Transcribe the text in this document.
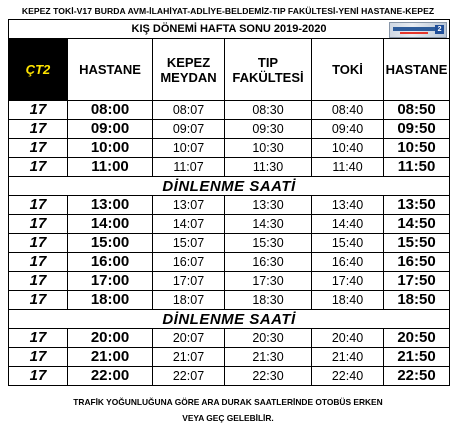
KEPEZ TOKİ-V17 BURDA AVM-İLAHİYAT-ADLİYE-BELDEMİZ-TIP FAKÜLTESİ-YENİ HASTANE-KEPEZ
KIŞ DÖNEMİ HAFTA SONU 2019-2020 2					

ÇT2	HASTANE	KEPEZ MEYDAN	TIP FAKÜLTESİ	TOKİ	HASTANE
17	08:00	08:07	08:30	08:40	08:50
17	09:00	09:07	09:30	09:40	09:50
17	10:00	10:07	10:30	10:40	10:50
17	11:00	11:07	11:30	11:40	11:50
DİNLENME SAATİ					
17	13:00	13:07	13:30	13:40	13:50
17	14:00	14:07	14:30	14:40	14:50
17	15:00	15:07	15:30	15:40	15:50
17	16:00	16:07	16:30	16:40	16:50
17	17:00	17:07	17:30	17:40	17:50
17	18:00	18:07	18:30	18:40	18:50
DİNLENME SAATİ					
17	20:00	20:07	20:30	20:40	20:50
17	21:00	21:07	21:30	21:40	21:50
17	22:00	22:07	22:30	22:40	22:50
TRAFİK YOĞUNLUĞUNA GÖRE ARA DURAK SAATLERİNDE OTOBÜS ERKEN
VEYA GEÇ GELEBİLİR.
